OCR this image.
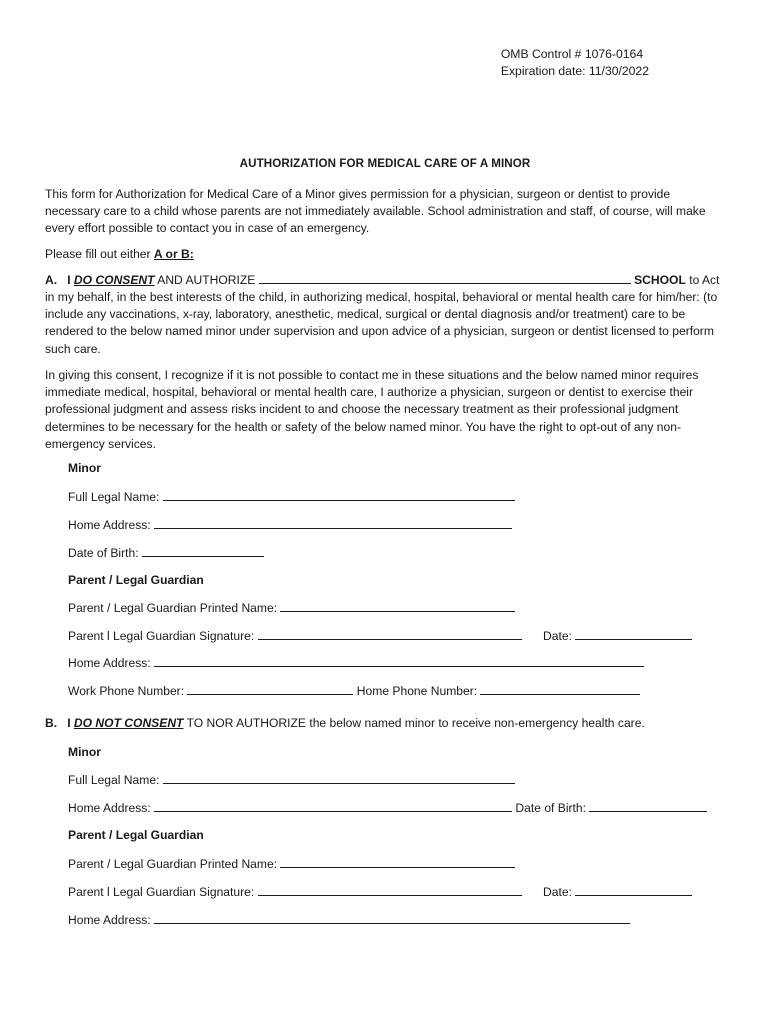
OMB Control # 1076-0164
Expiration date: 11/30/2022
AUTHORIZATION FOR MEDICAL CARE OF A MINOR

This form for Authorization for Medical Care of a Minor gives permission for a physician, surgeon or dentist to provide necessary care to a child whose parents are not immediately available. School administration and staff, of course, will make every effort possible to contact you in case of an emergency.

Please fill out either A or B:
A. I DO CONSENT AND AUTHORIZE	SCHOOL to Act

in my behalf, in the best interests of the child, in authorizing medical, hospital, behavioral or mental health care for him/her: (to include any vaccinations, x-ray, laboratory, anesthetic, medical, surgical or dental diagnosis and/or treatment) care to be rendered to the below named minor under supervision and upon advice of a physician, surgeon or dentist licensed to perform such care.

In giving this consent, I recognize if it is not possible to contact me in these situations and the below named minor requires immediate medical, hospital, behavioral or mental health care, I authorize a physician, surgeon or dentist to exercise their professional judgment and assess risks incident to and choose the necessary treatment as their professional judgment determines to be necessary for the health or safety of the below named minor. You have the right to opt-out of any non-emergency services.

Minor
Full Legal Name:
Home Address:
Date of Birth:
Parent / Legal Guardian
Parent / Legal Guardian Printed Name:
Parent l Legal Guardian Signature:	Date:
Home Address:
Work Phone Number:	Home Phone Number:
B. I DO NOT CONSENT TO NOR AUTHORIZE the below named minor to receive non-emergency health care.
Minor
Full Legal Name:
Home Address:	Date of Birth:
Parent / Legal Guardian
Parent / Legal Guardian Printed Name:
Parent l Legal Guardian Signature:	Date:
Home Address:
